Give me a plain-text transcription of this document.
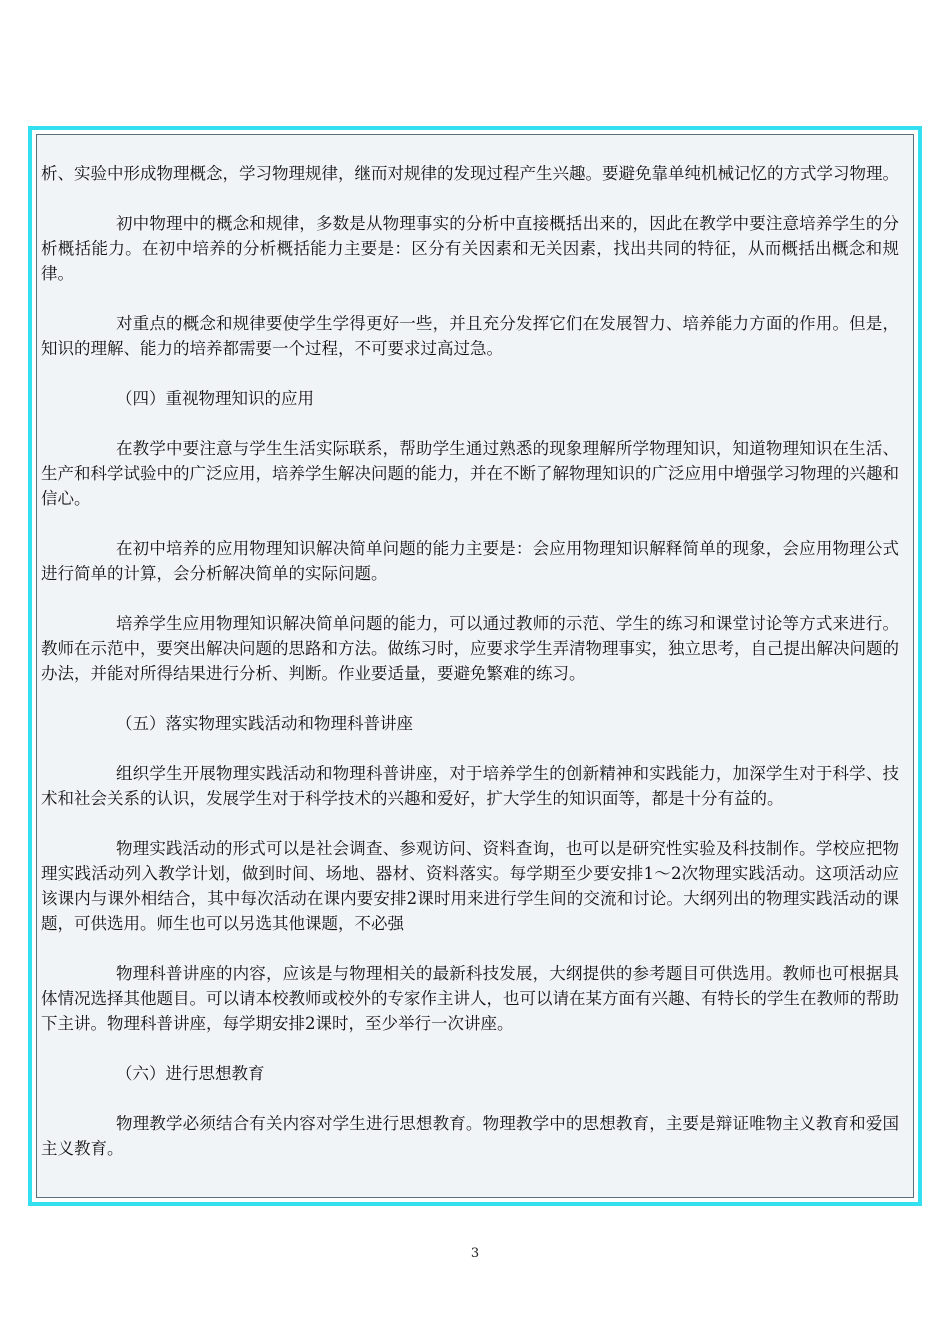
析、实验中形成物理概念，学习物理规律，继而对规律的发现过程产生兴趣。要避免靠单纯机械记忆的方式学习物理。

初中物理中的概念和规律，多数是从物理事实的分析中直接概括出来的，因此在教学中要注意培养学生的分析概括能力。在初中培养的分析概括能力主要是：区分有关因素和无关因素，找出共同的特征，从而概括出概念和规律。

对重点的概念和规律要使学生学得更好一些，并且充分发挥它们在发展智力、培养能力方面的作用。但是，知识的理解、能力的培养都需要一个过程，不可要求过高过急。

（四）重视物理知识的应用

在教学中要注意与学生生活实际联系，帮助学生通过熟悉的现象理解所学物理知识，知道物理知识在生活、生产和科学试验中的广泛应用，培养学生解决问题的能力，并在不断了解物理知识的广泛应用中增强学习物理的兴趣和信心。

在初中培养的应用物理知识解决简单问题的能力主要是：会应用物理知识解释简单的现象，会应用物理公式进行简单的计算，会分析解决简单的实际问题。

培养学生应用物理知识解决简单问题的能力，可以通过教师的示范、学生的练习和课堂讨论等方式来进行。教师在示范中，要突出解决问题的思路和方法。做练习时，应要求学生弄清物理事实，独立思考，自己提出解决问题的办法，并能对所得结果进行分析、判断。作业要适量，要避免繁难的练习。

（五）落实物理实践活动和物理科普讲座

组织学生开展物理实践活动和物理科普讲座，对于培养学生的创新精神和实践能力，加深学生对于科学、技术和社会关系的认识，发展学生对于科学技术的兴趣和爱好，扩大学生的知识面等，都是十分有益的。

物理实践活动的形式可以是社会调查、参观访问、资料查询，也可以是研究性实验及科技制作。学校应把物理实践活动列入教学计划，做到时间、场地、器材、资料落实。每学期至少要安排1～2次物理实践活动。这项活动应该课内与课外相结合，其中每次活动在课内要安排2课时用来进行学生间的交流和讨论。大纲列出的物理实践活动的课题，可供选用。师生也可以另选其他课题，不必强

物理科普讲座的内容，应该是与物理相关的最新科技发展，大纲提供的参考题目可供选用。教师也可根据具体情况选择其他题目。可以请本校教师或校外的专家作主讲人，也可以请在某方面有兴趣、有特长的学生在教师的帮助下主讲。物理科普讲座，每学期安排2课时，至少举行一次讲座。

（六）进行思想教育

物理教学必须结合有关内容对学生进行思想教育。物理教学中的思想教育，主要是辩证唯物主义教育和爱国主义教育。

3
